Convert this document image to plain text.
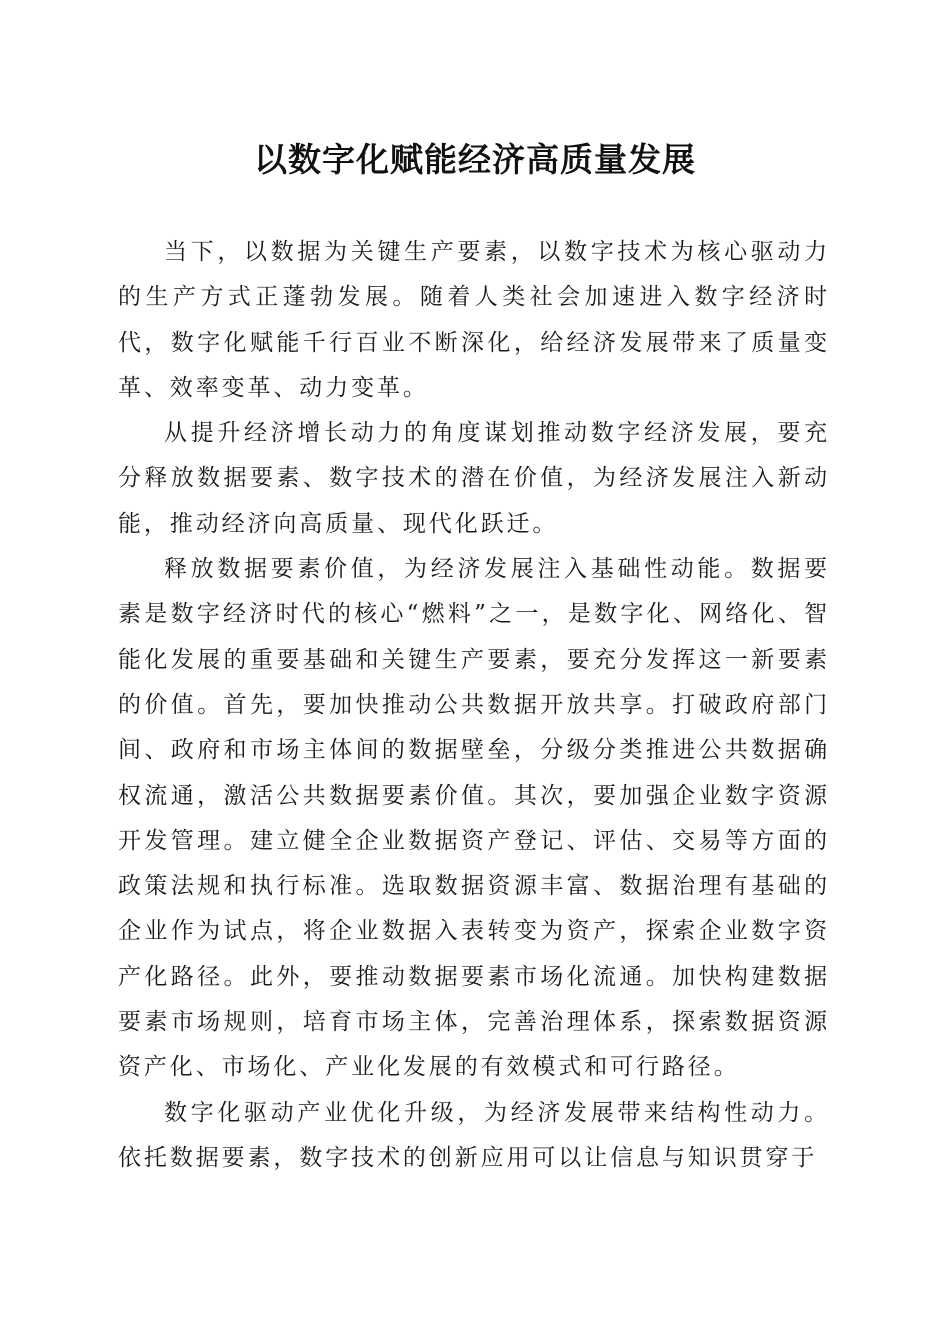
以数字化赋能经济高质量发展

当下，以数据为关键生产要素，以数字技术为核心驱动力的生产方式正蓬勃发展。随着人类社会加速进入数字经济时代，数字化赋能千行百业不断深化，给经济发展带来了质量变革、效率变革、动力变革。

从提升经济增长动力的角度谋划推动数字经济发展，要充分释放数据要素、数字技术的潜在价值，为经济发展注入新动能，推动经济向高质量、现代化跃迁。

释放数据要素价值，为经济发展注入基础性动能。数据要素是数字经济时代的核心“燃料”之一，是数字化、网络化、智能化发展的重要基础和关键生产要素，要充分发挥这一新要素的价值。首先，要加快推动公共数据开放共享。打破政府部门间、政府和市场主体间的数据壁垒，分级分类推进公共数据确权流通，激活公共数据要素价值。其次，要加强企业数字资源开发管理。建立健全企业数据资产登记、评估、交易等方面的政策法规和执行标准。选取数据资源丰富、数据治理有基础的企业作为试点，将企业数据入表转变为资产，探索企业数字资产化路径。此外，要推动数据要素市场化流通。加快构建数据要素市场规则，培育市场主体，完善治理体系，探索数据资源资产化、市场化、产业化发展的有效模式和可行路径。

数字化驱动产业优化升级，为经济发展带来结构性动力。依托数据要素，数字技术的创新应用可以让信息与知识贯穿于
